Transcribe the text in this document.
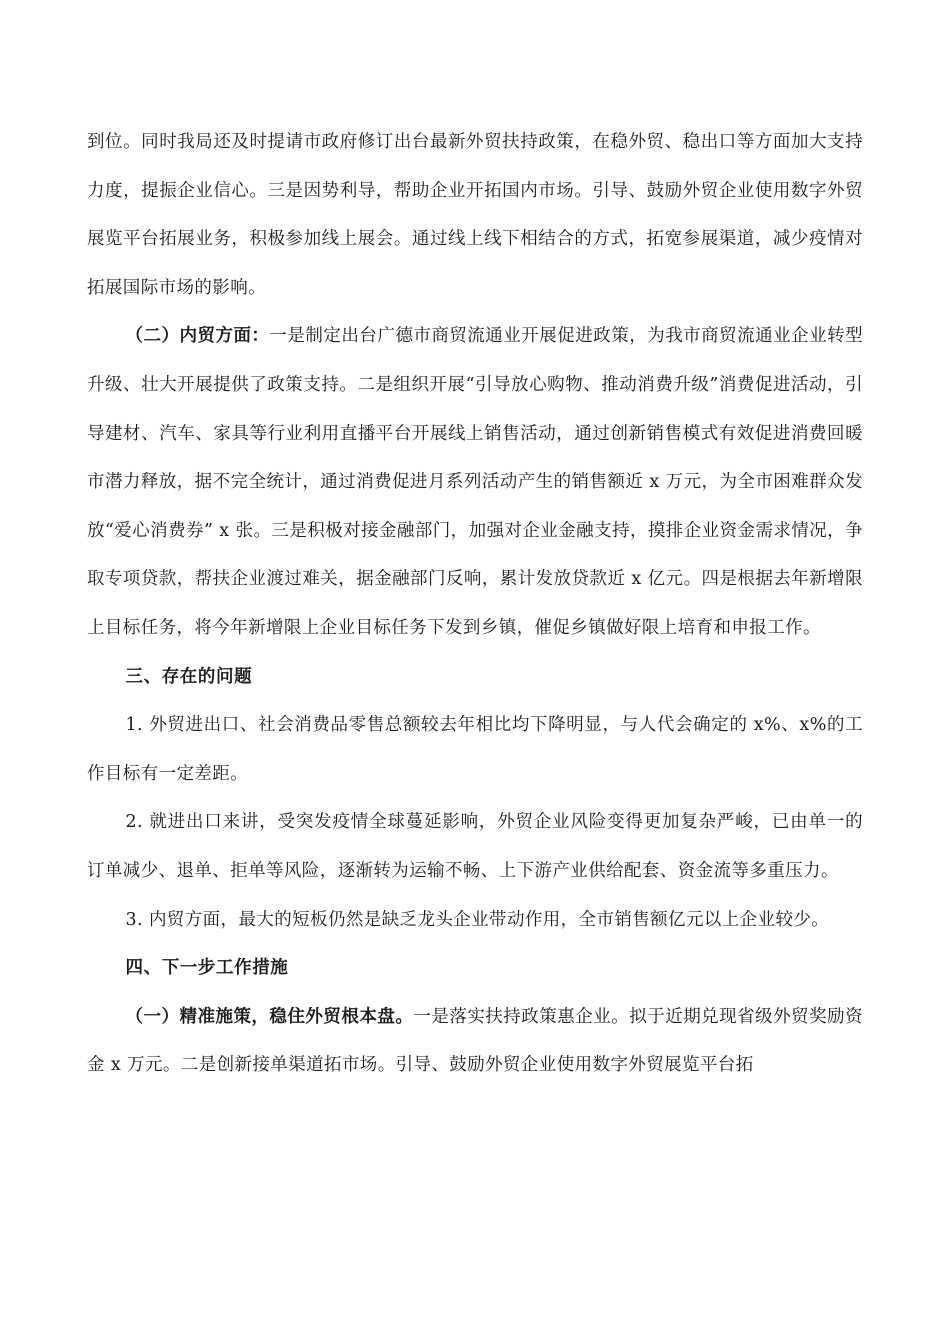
到位。同时我局还及时提请市政府修订出台最新外贸扶持政策，在稳外贸、稳出口等方面加大支持力度，提振企业信心。三是因势利导，帮助企业开拓国内市场。引导、鼓励外贸企业使用数字外贸展览平台拓展业务，积极参加线上展会。通过线上线下相结合的方式，拓宽参展渠道，减少疫情对拓展国际市场的影响。

（二）内贸方面：一是制定出台广德市商贸流通业开展促进政策，为我市商贸流通业企业转型升级、壮大开展提供了政策支持。二是组织开展“引导放心购物、推动消费升级”消费促进活动，引导建材、汽车、家具等行业利用直播平台开展线上销售活动，通过创新销售模式有效促进消费回暖市潜力释放，据不完全统计，通过消费促进月系列活动产生的销售额近 x 万元，为全市困难群众发放“爱心消费券” x 张。三是积极对接金融部门，加强对企业金融支持，摸排企业资金需求情况，争取专项贷款，帮扶企业渡过难关，据金融部门反响，累计发放贷款近 x 亿元。四是根据去年新增限上目标任务，将今年新增限上企业目标任务下发到乡镇，催促乡镇做好限上培育和申报工作。

三、存在的问题

1. 外贸进出口、社会消费品零售总额较去年相比均下降明显，与人代会确定的 x%、x%的工作目标有一定差距。

2. 就进出口来讲，受突发疫情全球蔓延影响，外贸企业风险变得更加复杂严峻，已由单一的订单减少、退单、拒单等风险，逐渐转为运输不畅、上下游产业供给配套、资金流等多重压力。

3. 内贸方面，最大的短板仍然是缺乏龙头企业带动作用，全市销售额亿元以上企业较少。

四、下一步工作措施

（一）精准施策，稳住外贸根本盘。一是落实扶持政策惠企业。拟于近期兑现省级外贸奖励资金 x 万元。二是创新接单渠道拓市场。引导、鼓励外贸企业使用数字外贸展览平台拓
